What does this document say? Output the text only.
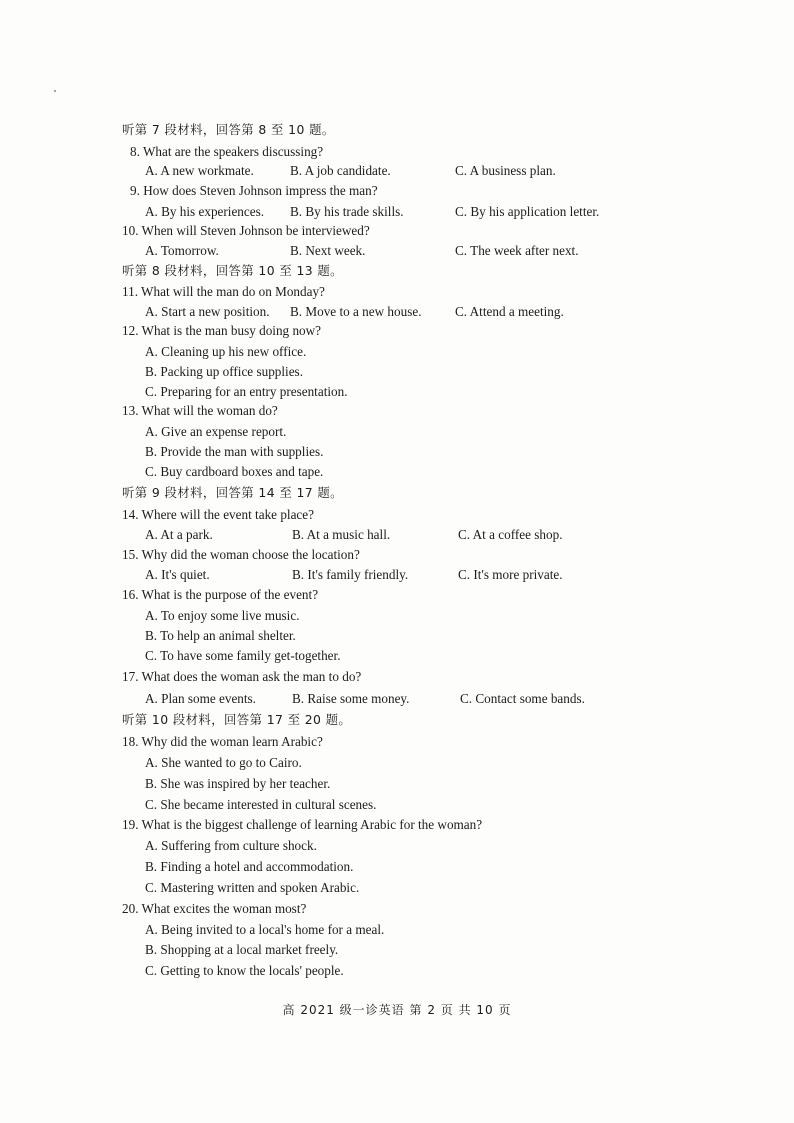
听第 7 段材料，回答第 8 至 10 题。
8. What are the speakers discussing?
A. A new workmate.	B. A job candidate.	C. A business plan.
9. How does Steven Johnson impress the man?
A. By his experiences. B. By his trade skills.	C. By his application letter.
10. When will Steven Johnson be interviewed?
A. Tomorrow.	B. Next week.	C. The week after next.
听第 8 段材料，回答第 10 至 13 题。
11. What will the man do on Monday?
A. Start a new position. B. Move to a new house.	C. Attend a meeting.
12. What is the man busy doing now?
A. Cleaning up his new office.
B. Packing up office supplies.
C. Preparing for an entry presentation.
13. What will the woman do?
A. Give an expense report.
B. Provide the man with supplies.
C. Buy cardboard boxes and tape.
听第 9 段材料，回答第 14 至 17 题。
14. Where will the event take place?
A. At a park.	B. At a music hall.	C. At a coffee shop.
15. Why did the woman choose the location?
A. It's quiet.	B. It's family friendly.	C. It's more private.
16. What is the purpose of the event?
A. To enjoy some live music.
B. To help an animal shelter.
C. To have some family get-together.
17. What does the woman ask the man to do?
A. Plan some events.	B. Raise some money.	C. Contact some bands.
听第 10 段材料，回答第 17 至 20 题。
18. Why did the woman learn Arabic?
A. She wanted to go to Cairo.
B. She was inspired by her teacher.
C. She became interested in cultural scenes.
19. What is the biggest challenge of learning Arabic for the woman?
A. Suffering from culture shock.
B. Finding a hotel and accommodation.
C. Mastering written and spoken Arabic.
20. What excites the woman most?
A. Being invited to a local's home for a meal.
B. Shopping at a local market freely.
C. Getting to know the locals' people.
高 2021 级一诊英语 第 2 页 共 10 页
